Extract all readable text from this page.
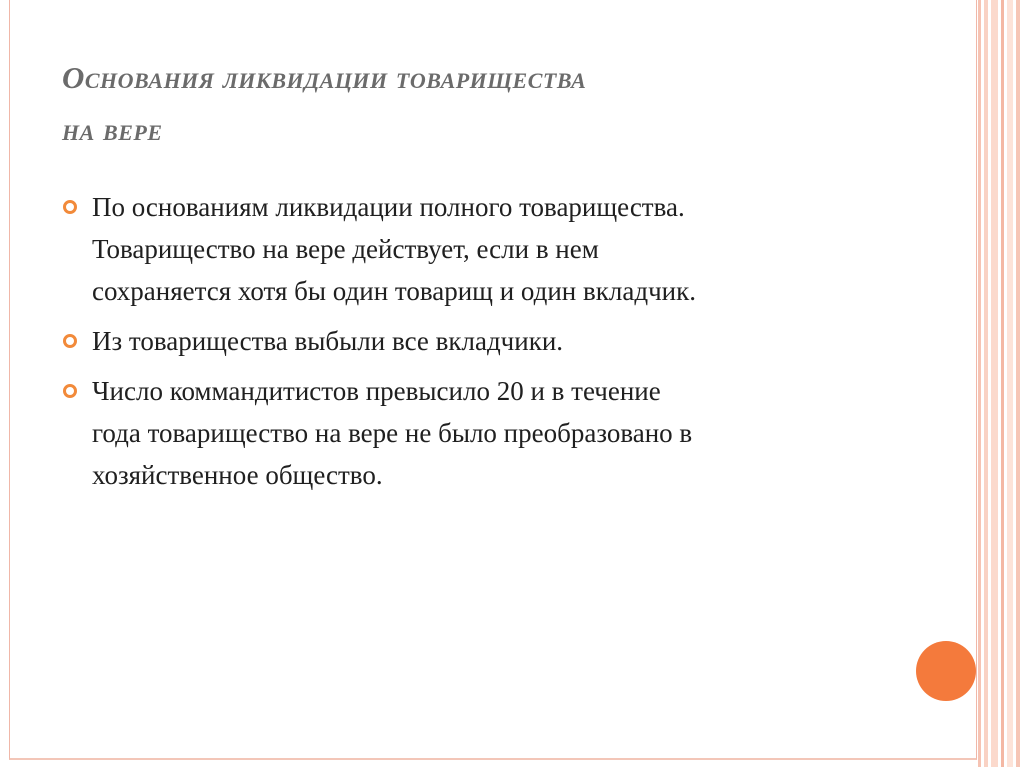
Основания ликвидации товарищества
на вере
По основаниям ликвидации полного товарищества.
Товарищество на вере действует, если в нем
сохраняется хотя бы один товарищ и один вкладчик.
Из товарищества выбыли все вкладчики.
Число коммандитистов превысило 20 и в течение
года товарищество на вере не было преобразовано в
хозяйственное общество.
